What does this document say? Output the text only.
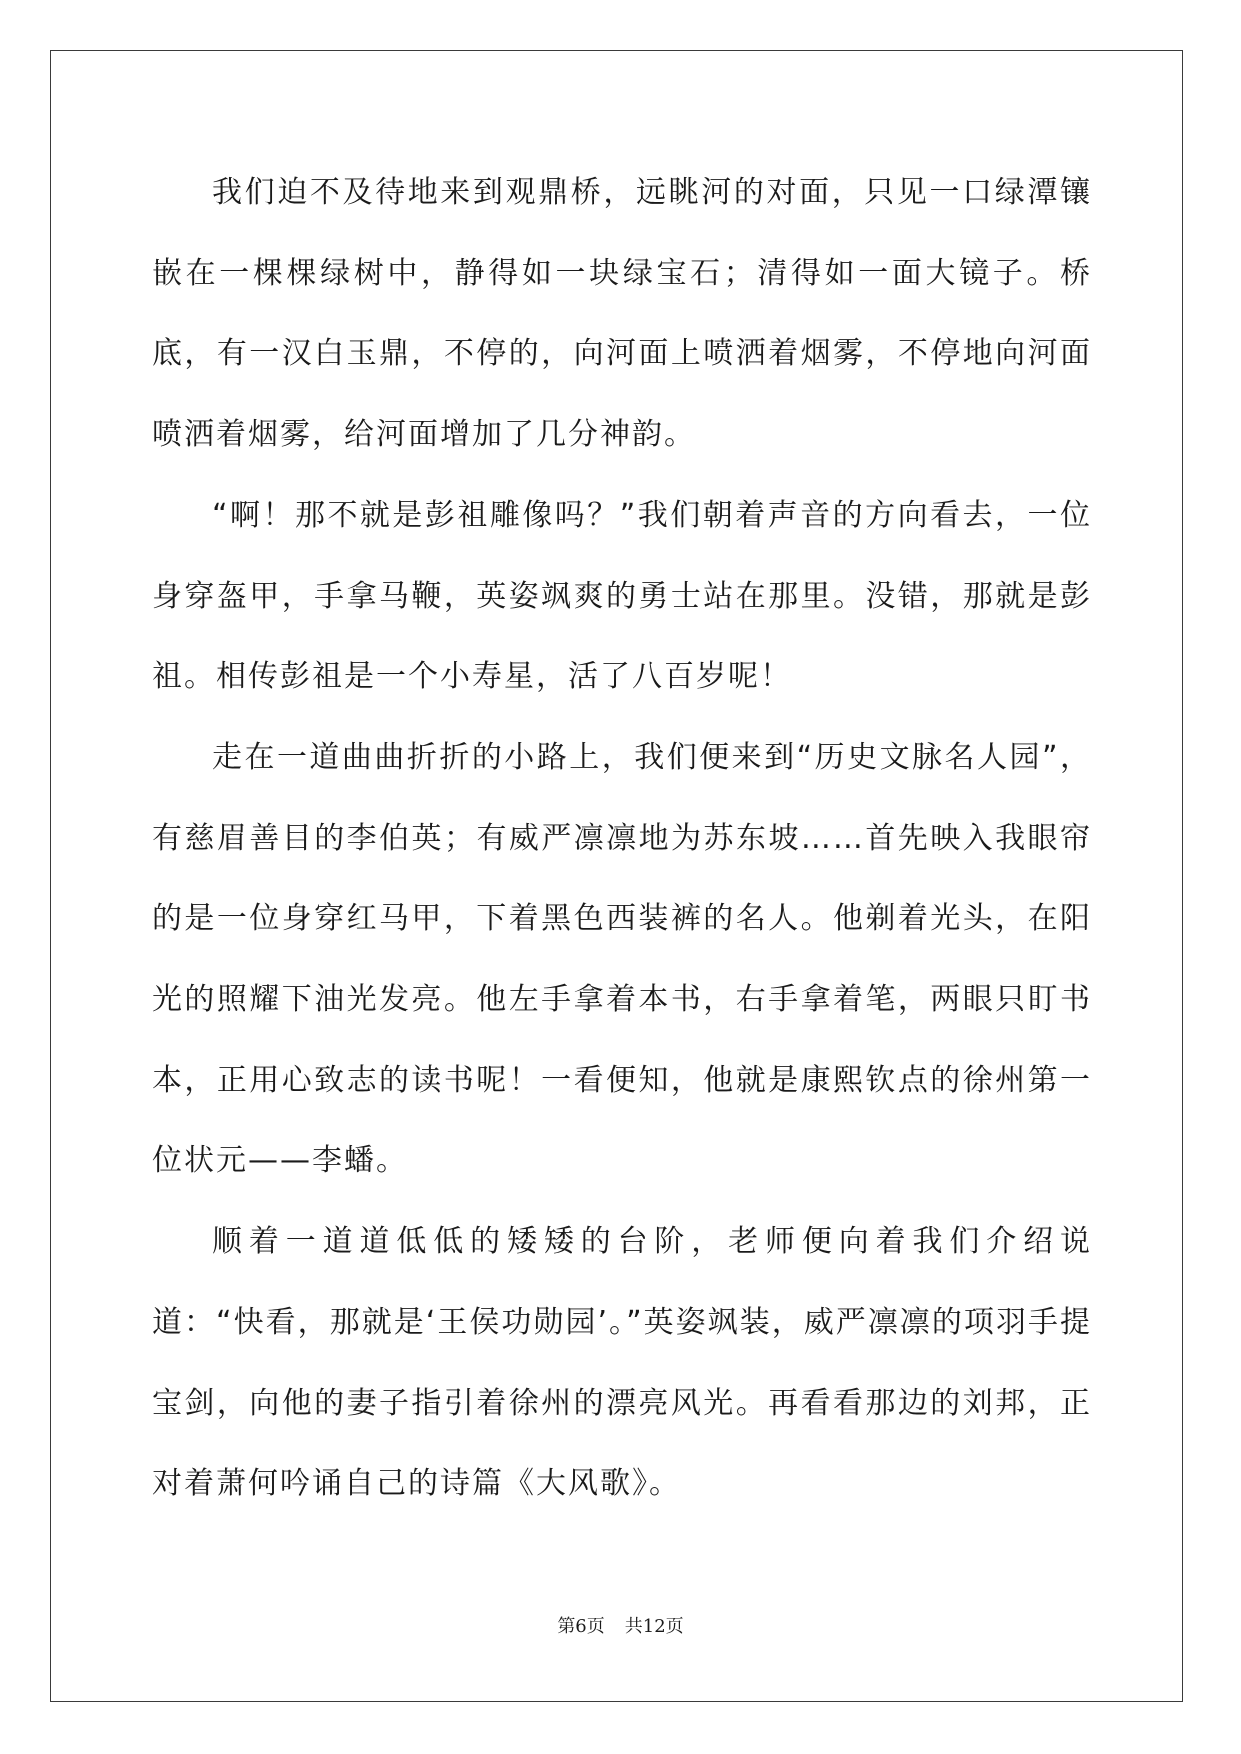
我们迫不及待地来到观鼎桥，远眺河的对面，只见一口绿潭镶嵌在一棵棵绿树中，静得如一块绿宝石；清得如一面大镜子。桥底，有一汉白玉鼎，不停的，向河面上喷洒着烟雾，不停地向河面喷洒着烟雾，给河面增加了几分神韵。

“啊！那不就是彭祖雕像吗？”我们朝着声音的方向看去，一位身穿盔甲，手拿马鞭，英姿飒爽的勇士站在那里。没错，那就是彭祖。相传彭祖是一个小寿星，活了八百岁呢！

走在一道曲曲折折的小路上，我们便来到“历史文脉名人园”，有慈眉善目的李伯英；有威严凛凛地为苏东坡……首先映入我眼帘的是一位身穿红马甲，下着黑色西装裤的名人。他剃着光头，在阳光的照耀下油光发亮。他左手拿着本书，右手拿着笔，两眼只盯书本，正用心致志的读书呢！一看便知，他就是康熙钦点的徐州第一位状元——李蟠。

顺着一道道低低的矮矮的台阶，老师便向着我们介绍说道：“快看，那就是‘王侯功勋园’。”英姿飒装，威严凛凛的项羽手提宝剑，向他的妻子指引着徐州的漂亮风光。再看看那边的刘邦，正对着萧何吟诵自己的诗篇《大风歌》。

第6页 共12页
